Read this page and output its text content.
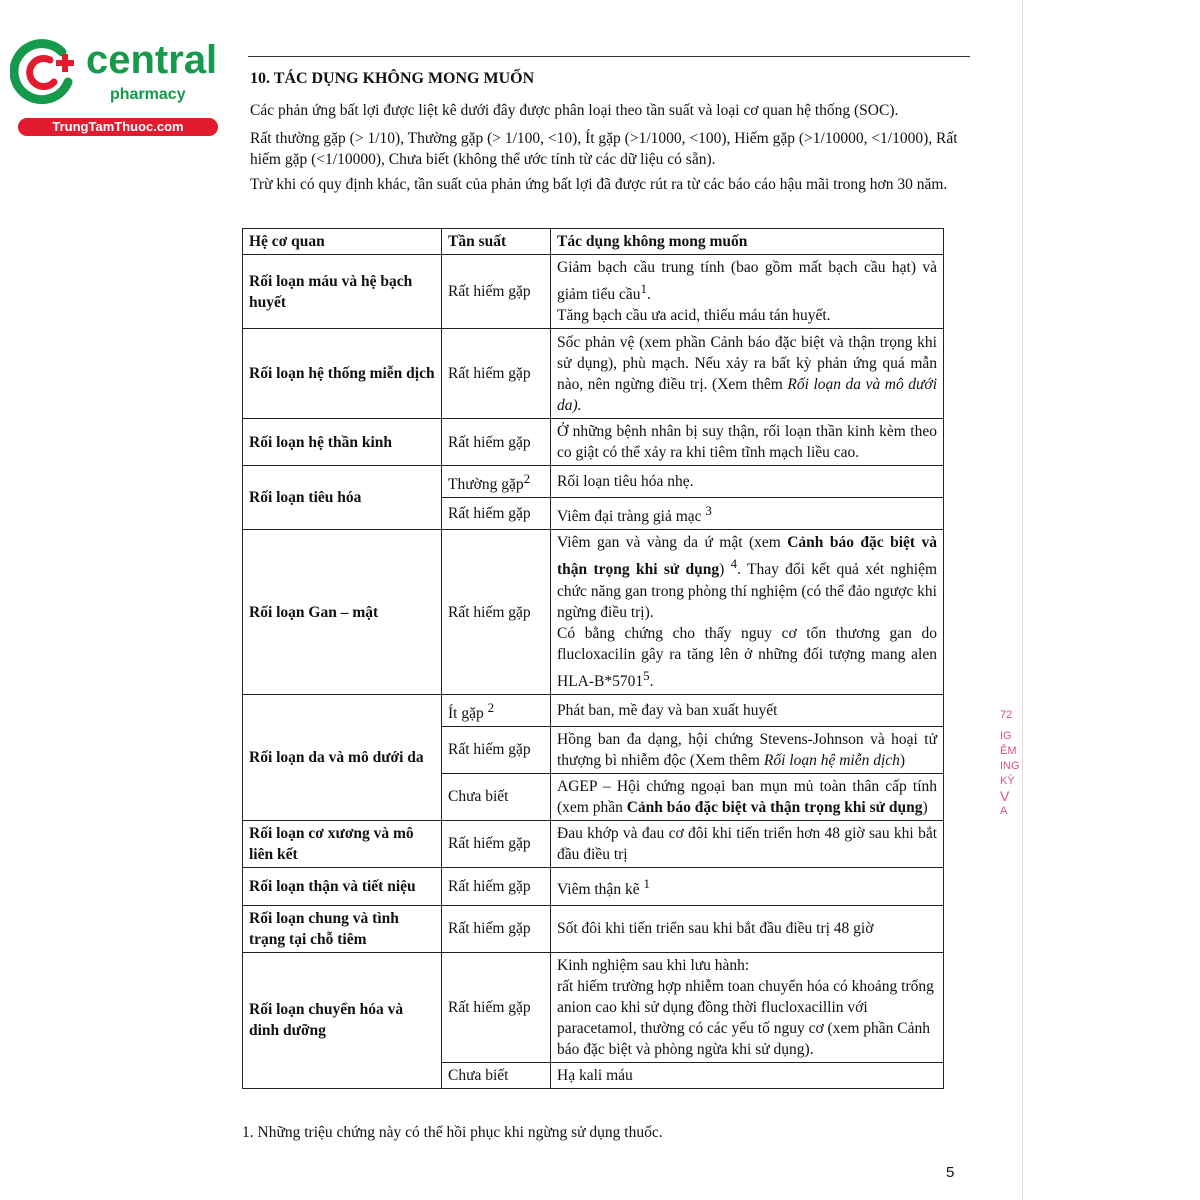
central
pharmacy
TrungTamThuoc.com
72
IG
ÊM
ING
KỲ
V
A
10. TÁC DỤNG KHÔNG MONG MUỐN
Các phản ứng bất lợi được liệt kê dưới đây được phân loại theo tần suất và loại cơ quan hệ thống (SOC).
Rất thường gặp (> 1/10), Thường gặp (> 1/100, <10), Ít gặp (>1/1000, <100), Hiếm gặp (>1/10000, <1/1000), Rất hiếm gặp (<1/10000), Chưa biết (không thể ước tính từ các dữ liệu có sẵn).
Trừ khi có quy định khác, tần suất của phản ứng bất lợi đã được rút ra từ các báo cáo hậu mãi trong hơn 30 năm.
Hệ cơ quan	Tần suất	Tác dụng không mong muốn
Rối loạn máu và hệ bạch huyết	Rất hiếm gặp	Giảm bạch cầu trung tính (bao gồm mất bạch cầu hạt) và giảm tiểu cầu$^1$.
Tăng bạch cầu ưa acid, thiếu máu tán huyết.
Rối loạn hệ thống miễn dịch	Rất hiếm gặp	Sốc phản vệ (xem phần Cảnh báo đặc biệt và thận trọng khi sử dụng), phù mạch. Nếu xảy ra bất kỳ phản ứng quá mẫn nào, nên ngừng điều trị. (Xem thêm Rối loạn da và mô dưới da).
Rối loạn hệ thần kinh	Rất hiếm gặp	Ở những bệnh nhân bị suy thận, rối loạn thần kinh kèm theo co giật có thể xảy ra khi tiêm tĩnh mạch liều cao.
Rối loạn tiêu hóa	Thường gặp$^2$	Rối loạn tiêu hóa nhẹ.
	Rất hiếm gặp	Viêm đại tràng giả mạc $^3$
Rối loạn Gan – mật	Rất hiếm gặp	Viêm gan và vàng da ứ mật (xem Cảnh báo đặc biệt và thận trọng khi sử dụng) $^4$. Thay đổi kết quả xét nghiệm chức năng gan trong phòng thí nghiệm (có thể đảo ngược khi ngừng điều trị).
Có bằng chứng cho thấy nguy cơ tổn thương gan do flucloxacilin gây ra tăng lên ở những đối tượng mang alen HLA-B*5701$^5$.
Rối loạn da và mô dưới da	Ít gặp $^2$	Phát ban, mề đay và ban xuất huyết
	Rất hiếm gặp	Hồng ban đa dạng, hội chứng Stevens-Johnson và hoại tử thượng bì nhiễm độc (Xem thêm Rối loạn hệ miễn dịch)
	Chưa biết	AGEP – Hội chứng ngoại ban mụn mủ toàn thân cấp tính (xem phần Cảnh báo đặc biệt và thận trọng khi sử dụng)
Rối loạn cơ xương và mô liên kết	Rất hiếm gặp	Đau khớp và đau cơ đôi khi tiến triển hơn 48 giờ sau khi bắt đầu điều trị
Rối loạn thận và tiết niệu	Rất hiếm gặp	Viêm thận kẽ $^1$
Rối loạn chung và tình trạng tại chỗ tiêm	Rất hiếm gặp	Sốt đôi khi tiến triển sau khi bắt đầu điều trị 48 giờ
Rối loạn chuyển hóa và dinh dưỡng	Rất hiếm gặp	Kinh nghiệm sau khi lưu hành:
rất hiếm trường hợp nhiễm toan chuyển hóa có khoảng trống anion cao khi sử dụng đồng thời flucloxacillin với paracetamol, thường có các yếu tố nguy cơ (xem phần Cảnh báo đặc biệt và phòng ngừa khi sử dụng).
	Chưa biết	Hạ kali máu
1. Những triệu chứng này có thể hồi phục khi ngừng sử dụng thuốc.
5
